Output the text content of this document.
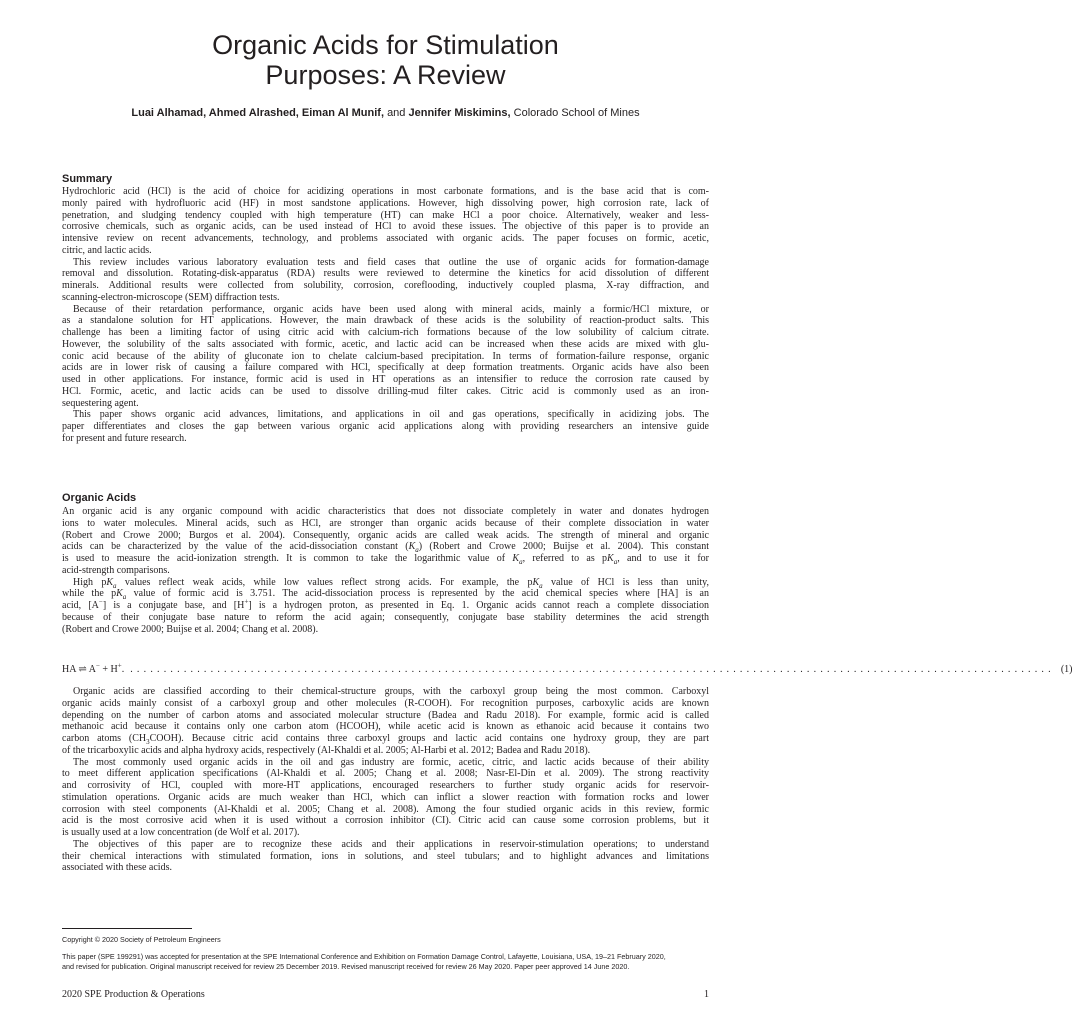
Organic Acids for Stimulation
Purposes: A Review
Luai Alhamad, Ahmed Alrashed, Eiman Al Munif, and Jennifer Miskimins, Colorado School of Mines
Summary

Hydrochloric acid (HCl) is the acid of choice for acidizing operations in most carbonate formations, and is the base acid that is com-
monly paired with hydrofluoric acid (HF) in most sandstone applications. However, high dissolving power, high corrosion rate, lack of
penetration, and sludging tendency coupled with high temperature (HT) can make HCl a poor choice. Alternatively, weaker and less-
corrosive chemicals, such as organic acids, can be used instead of HCl to avoid these issues. The objective of this paper is to provide an
intensive review on recent advancements, technology, and problems associated with organic acids. The paper focuses on formic, acetic,
citric, and lactic acids.

This review includes various laboratory evaluation tests and field cases that outline the use of organic acids for formation-damage
removal and dissolution. Rotating-disk-apparatus (RDA) results were reviewed to determine the kinetics for acid dissolution of different
minerals. Additional results were collected from solubility, corrosion, coreflooding, inductively coupled plasma, X-ray diffraction, and
scanning-electron-microscope (SEM) diffraction tests.

Because of their retardation performance, organic acids have been used along with mineral acids, mainly a formic/HCl mixture, or
as a standalone solution for HT applications. However, the main drawback of these acids is the solubility of reaction-product salts. This
challenge has been a limiting factor of using citric acid with calcium-rich formations because of the low solubility of calcium citrate.
However, the solubility of the salts associated with formic, acetic, and lactic acid can be increased when these acids are mixed with glu-
conic acid because of the ability of gluconate ion to chelate calcium-based precipitation. In terms of formation-failure response, organic
acids are in lower risk of causing a failure compared with HCl, specifically at deep formation treatments. Organic acids have also been
used in other applications. For instance, formic acid is used in HT operations as an intensifier to reduce the corrosion rate caused by
HCl. Formic, acetic, and lactic acids can be used to dissolve drilling-mud filter cakes. Citric acid is commonly used as an iron-
sequestering agent.

This paper shows organic acid advances, limitations, and applications in oil and gas operations, specifically in acidizing jobs. The
paper differentiates and closes the gap between various organic acid applications along with providing researchers an intensive guide
for present and future research.

Organic Acids

An organic acid is any organic compound with acidic characteristics that does not dissociate completely in water and donates hydrogen
ions to water molecules. Mineral acids, such as HCl, are stronger than organic acids because of their complete dissociation in water
(Robert and Crowe 2000; Burgos et al. 2004). Consequently, organic acids are called weak acids. The strength of mineral and organic
acids can be characterized by the value of the acid-dissociation constant $(K_a)$ (Robert and Crowe 2000; Buijse et al. 2004). This constant
is used to measure the acid-ionization strength. It is common to take the logarithmic value of $K_a$, referred to as $pK_a$, and to use it for
acid-strength comparisons.

High $pK_a$ values reflect weak acids, while low values reflect strong acids. For example, the $pK_a$ value of HCl is less than unity,
while the $pK_a$ value of formic acid is 3.751. The acid-dissociation process is represented by the acid chemical species where [HA] is an
acid, [A−] is a conjugate base, and [H+] is a hydrogen proton, as presented in Eq. 1. Organic acids cannot reach a complete dissociation
because of their conjugate base nature to reform the acid again; consequently, conjugate base stability determines the acid strength
(Robert and Crowe 2000; Buijse et al. 2004; Chang et al. 2008).

HA ⇌ A− + H+. .......................................................................................................................................... (1)

Organic acids are classified according to their chemical-structure groups, with the carboxyl group being the most common. Carboxyl
organic acids mainly consist of a carboxyl group and other molecules (R-COOH). For recognition purposes, carboxylic acids are known
depending on the number of carbon atoms and associated molecular structure (Badea and Radu 2018). For example, formic acid is called
methanoic acid because it contains only one carbon atom (HCOOH), while acetic acid is known as ethanoic acid because it contains two
carbon atoms $(CH_3COOH)$. Because citric acid contains three carboxyl groups and lactic acid contains one hydroxy group, they are part
of the tricarboxylic acids and alpha hydroxy acids, respectively (Al-Khaldi et al. 2005; Al-Harbi et al. 2012; Badea and Radu 2018).

The most commonly used organic acids in the oil and gas industry are formic, acetic, citric, and lactic acids because of their ability
to meet different application specifications (Al-Khaldi et al. 2005; Chang et al. 2008; Nasr-El-Din et al. 2009). The strong reactivity
and corrosivity of HCl, coupled with more-HT applications, encouraged researchers to further study organic acids for reservoir-
stimulation operations. Organic acids are much weaker than HCl, which can inflict a slower reaction with formation rocks and lower
corrosion with steel components (Al-Khaldi et al. 2005; Chang et al. 2008). Among the four studied organic acids in this review, formic
acid is the most corrosive acid when it is used without a corrosion inhibitor (CI). Citric acid can cause some corrosion problems, but it
is usually used at a low concentration (de Wolf et al. 2017).

The objectives of this paper are to recognize these acids and their applications in reservoir-stimulation operations; to understand
their chemical interactions with stimulated formation, ions in solutions, and steel tubulars; and to highlight advances and limitations
associated with these acids.

Copyright © 2020 Society of Petroleum Engineers
This paper (SPE 199291) was accepted for presentation at the SPE International Conference and Exhibition on Formation Damage Control, Lafayette, Louisiana, USA, 19–21 February 2020,
and revised for publication. Original manuscript received for review 25 December 2019. Revised manuscript received for review 26 May 2020. Paper peer approved 14 June 2020.
2020 SPE Production & Operations	1
